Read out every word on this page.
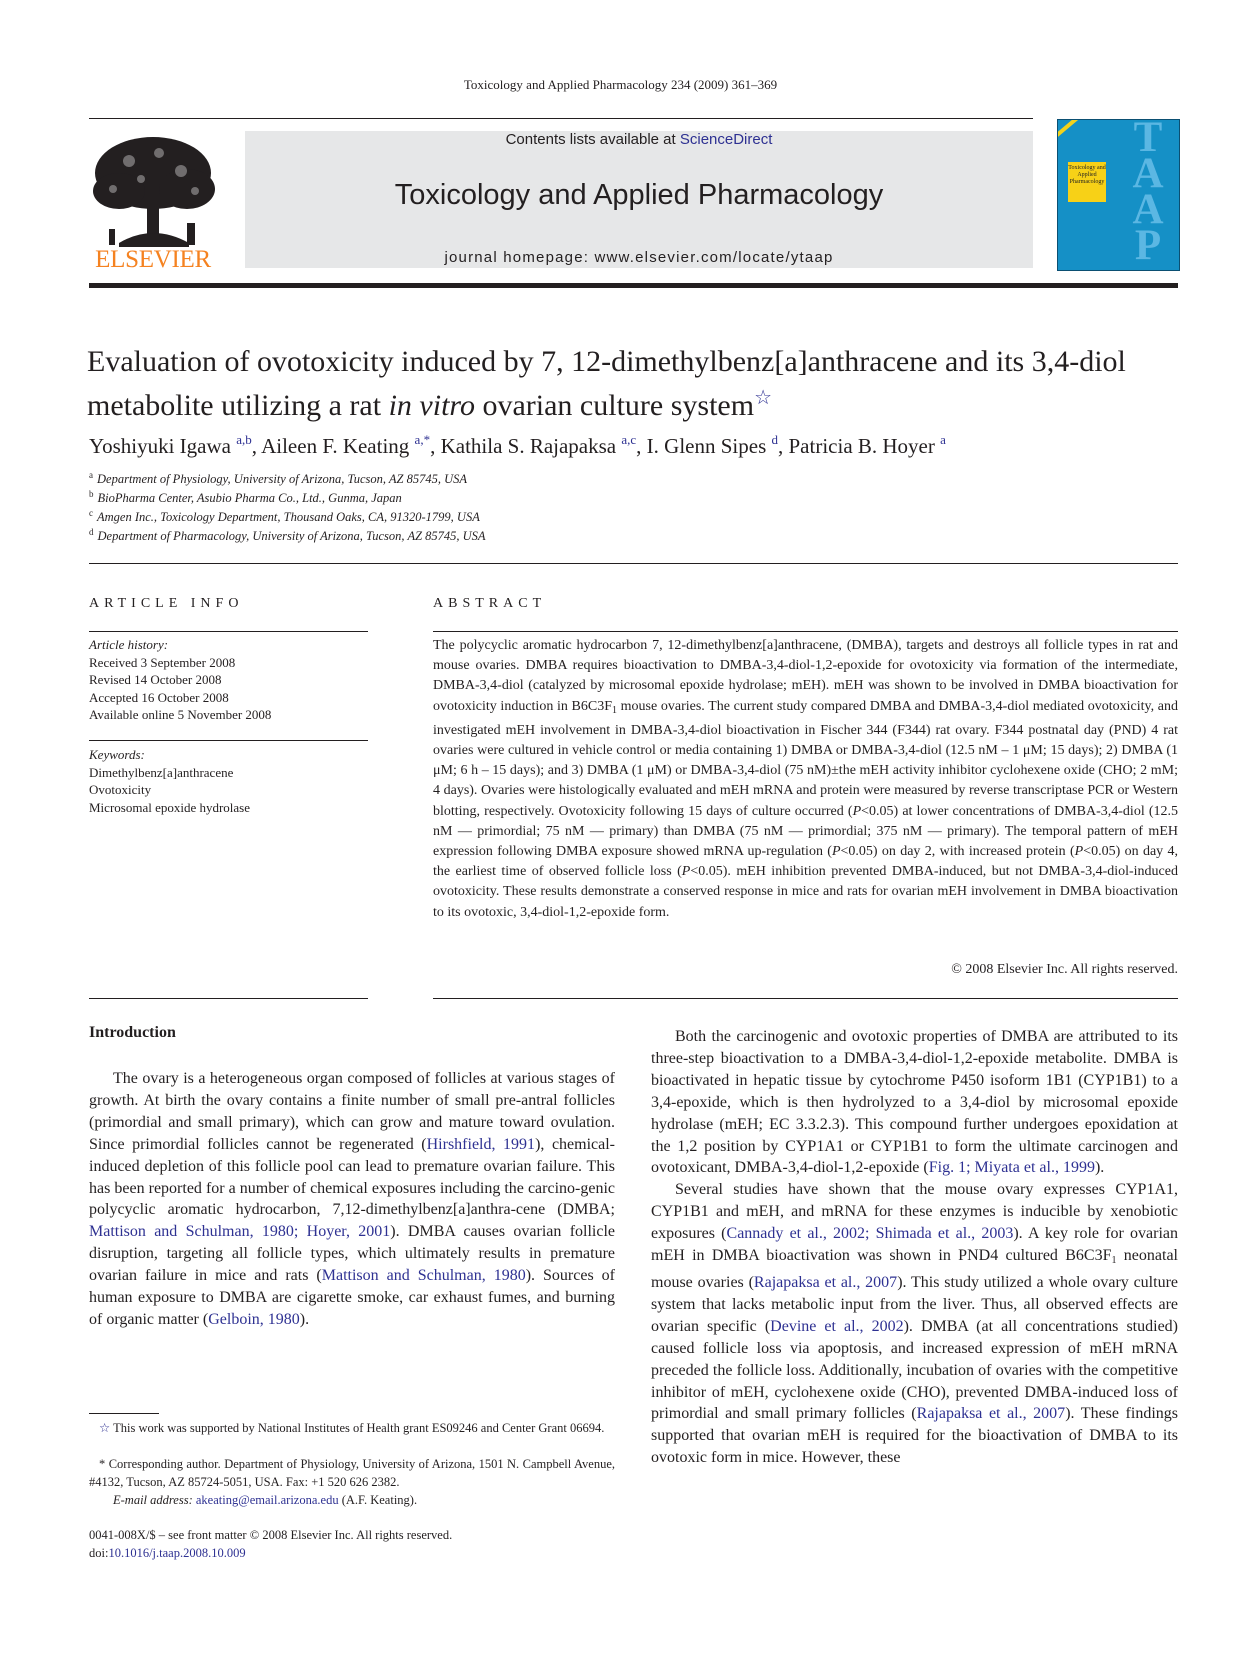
Toxicology and Applied Pharmacology 234 (2009) 361–369
ELSEVIER
Contents lists available at ScienceDirect
Toxicology and Applied Pharmacology
journal homepage: www.elsevier.com/locate/ytaap
Toxicology and Applied Pharmacology
T
A
A
P
Evaluation of ovotoxicity induced by 7, 12-dimethylbenz[a]anthracene and its 3,4-diol metabolite utilizing a rat in vitro ovarian culture system☆
Yoshiyuki Igawa $^{a,b}$, Aileen F. Keating $^{a,*}$, Kathila S. Rajapaksa $^{a,c}$, I. Glenn Sipes $^d$, Patricia B. Hoyer $^a$
$^a$ Department of Physiology, University of Arizona, Tucson, AZ 85745, USA
$^b$ BioPharma Center, Asubio Pharma Co., Ltd., Gunma, Japan
$^c$ Amgen Inc., Toxicology Department, Thousand Oaks, CA, 91320-1799, USA
$^d$ Department of Pharmacology, University of Arizona, Tucson, AZ 85745, USA
ARTICLE INFO
Article history:
Received 3 September 2008
Revised 14 October 2008
Accepted 16 October 2008
Available online 5 November 2008
Keywords:
Dimethylbenz[a]anthracene
Ovotoxicity
Microsomal epoxide hydrolase
ABSTRACT
The polycyclic aromatic hydrocarbon 7, 12-dimethylbenz[a]anthracene, (DMBA), targets and destroys all follicle types in rat and mouse ovaries. DMBA requires bioactivation to DMBA-3,4-diol-1,2-epoxide for ovotoxicity via formation of the intermediate, DMBA-3,4-diol (catalyzed by microsomal epoxide hydrolase; mEH). mEH was shown to be involved in DMBA bioactivation for ovotoxicity induction in $B6C3F_1$ mouse ovaries. The current study compared DMBA and DMBA-3,4-diol mediated ovotoxicity, and investigated mEH involvement in DMBA-3,4-diol bioactivation in Fischer 344 (F344) rat ovary. F344 postnatal day (PND) 4 rat ovaries were cultured in vehicle control or media containing 1) DMBA or DMBA-3,4-diol (12.5 nM – 1 μM; 15 days); 2) DMBA (1 μM; 6 h – 15 days); and 3) DMBA (1 μM) or DMBA-3,4-diol (75 nM)±the mEH activity inhibitor cyclohexene oxide (CHO; 2 mM; 4 days). Ovaries were histologically evaluated and mEH mRNA and protein were measured by reverse transcriptase PCR or Western blotting, respectively. Ovotoxicity following 15 days of culture occurred (P<0.05) at lower concentrations of DMBA-3,4-diol (12.5 nM — primordial; 75 nM — primary) than DMBA (75 nM — primordial; 375 nM — primary). The temporal pattern of mEH expression following DMBA exposure showed mRNA up-regulation (P<0.05) on day 2, with increased protein (P<0.05) on day 4, the earliest time of observed follicle loss (P<0.05). mEH inhibition prevented DMBA-induced, but not DMBA-3,4-diol-induced ovotoxicity. These results demonstrate a conserved response in mice and rats for ovarian mEH involvement in DMBA bioactivation to its ovotoxic, 3,4-diol-1,2-epoxide form.
© 2008 Elsevier Inc. All rights reserved.
Introduction

The ovary is a heterogeneous organ composed of follicles at various stages of growth. At birth the ovary contains a finite number of small pre-antral follicles (primordial and small primary), which can grow and mature toward ovulation. Since primordial follicles cannot be regenerated (Hirshfield, 1991), chemical-induced depletion of this follicle pool can lead to premature ovarian failure. This has been reported for a number of chemical exposures including the carcino-genic polycyclic aromatic hydrocarbon, 7,12-dimethylbenz[a]anthra-cene (DMBA; Mattison and Schulman, 1980; Hoyer, 2001). DMBA causes ovarian follicle disruption, targeting all follicle types, which ultimately results in premature ovarian failure in mice and rats (Mattison and Schulman, 1980). Sources of human exposure to DMBA are cigarette smoke, car exhaust fumes, and burning of organic matter (Gelboin, 1980).

Both the carcinogenic and ovotoxic properties of DMBA are attributed to its three-step bioactivation to a DMBA-3,4-diol-1,2-epoxide metabolite. DMBA is bioactivated in hepatic tissue by cytochrome P450 isoform 1B1 (CYP1B1) to a 3,4-epoxide, which is then hydrolyzed to a 3,4-diol by microsomal epoxide hydrolase (mEH; EC 3.3.2.3). This compound further undergoes epoxidation at the 1,2 position by CYP1A1 or CYP1B1 to form the ultimate carcinogen and ovotoxicant, DMBA-3,4-diol-1,2-epoxide (Fig. 1; Miyata et al., 1999).

Several studies have shown that the mouse ovary expresses CYP1A1, CYP1B1 and mEH, and mRNA for these enzymes is inducible by xenobiotic exposures (Cannady et al., 2002; Shimada et al., 2003). A key role for ovarian mEH in DMBA bioactivation was shown in PND4 cultured $B6C3F_1$ neonatal mouse ovaries (Rajapaksa et al., 2007). This study utilized a whole ovary culture system that lacks metabolic input from the liver. Thus, all observed effects are ovarian specific (Devine et al., 2002). DMBA (at all concentrations studied) caused follicle loss via apoptosis, and increased expression of mEH mRNA preceded the follicle loss. Additionally, incubation of ovaries with the competitive inhibitor of mEH, cyclohexene oxide (CHO), prevented DMBA-induced loss of primordial and small primary follicles (Rajapaksa et al., 2007). These findings supported that ovarian mEH is required for the bioactivation of DMBA to its ovotoxic form in mice. However, these

☆ This work was supported by National Institutes of Health grant ES09246 and Center Grant 06694.
* Corresponding author. Department of Physiology, University of Arizona, 1501 N. Campbell Avenue, #4132, Tucson, AZ 85724-5051, USA. Fax: +1 520 626 2382.
E-mail address: akeating@email.arizona.edu (A.F. Keating).
0041-008X/$ – see front matter © 2008 Elsevier Inc. All rights reserved.
doi:10.1016/j.taap.2008.10.009
